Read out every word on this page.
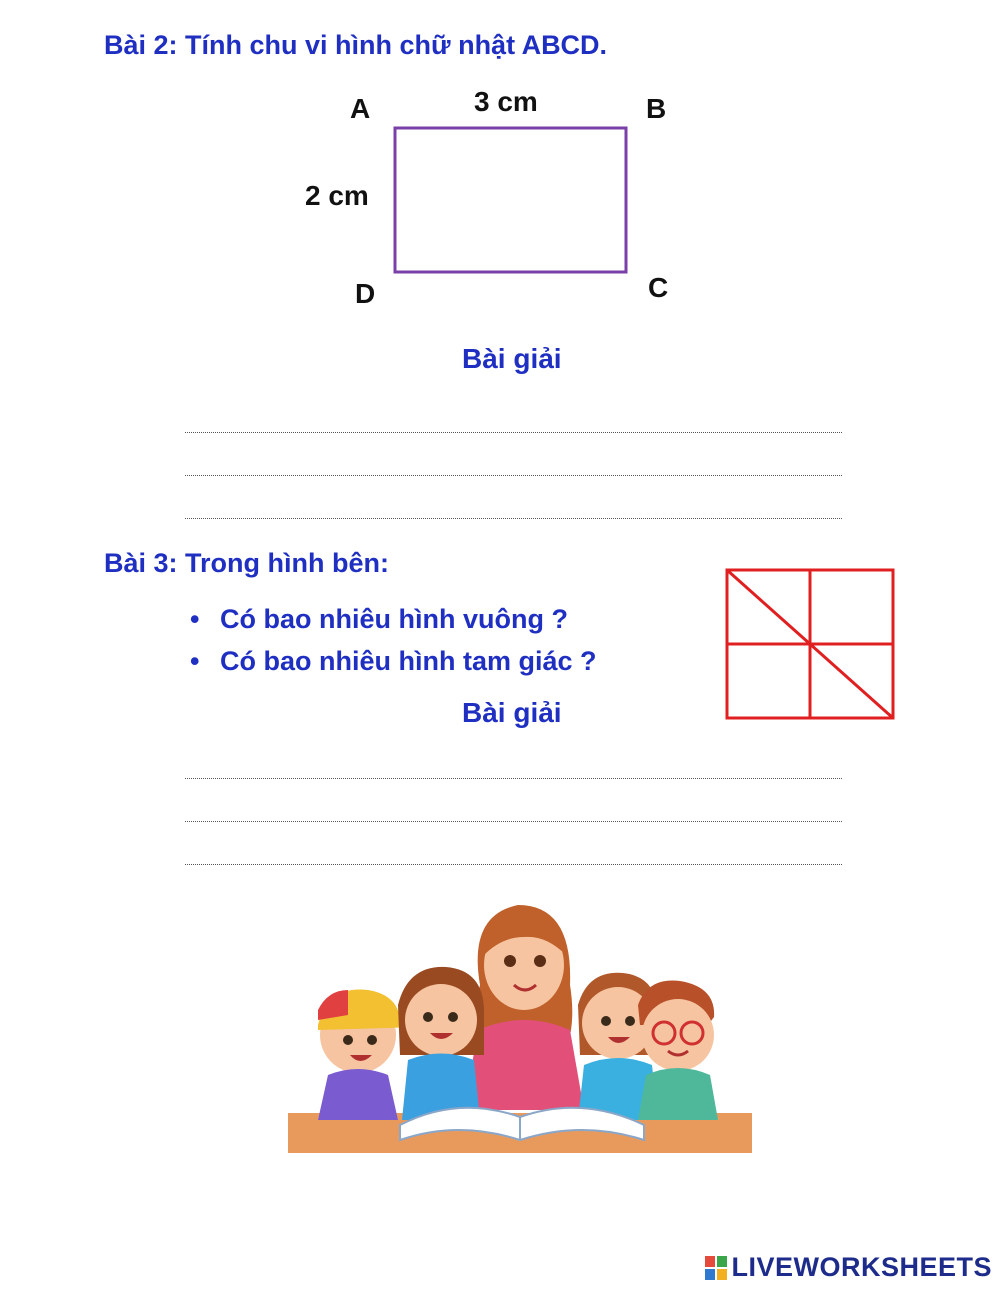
Bài 2: Tính chu vi hình chữ nhật ABCD.
A	3 cm	B
2 cm
D	C
Bài giải
Bài 3: Trong hình bên:
• Có bao nhiêu hình vuông ?
• Có bao nhiêu hình tam giác ?
Bài giải
LIVEWORKSHEETS
